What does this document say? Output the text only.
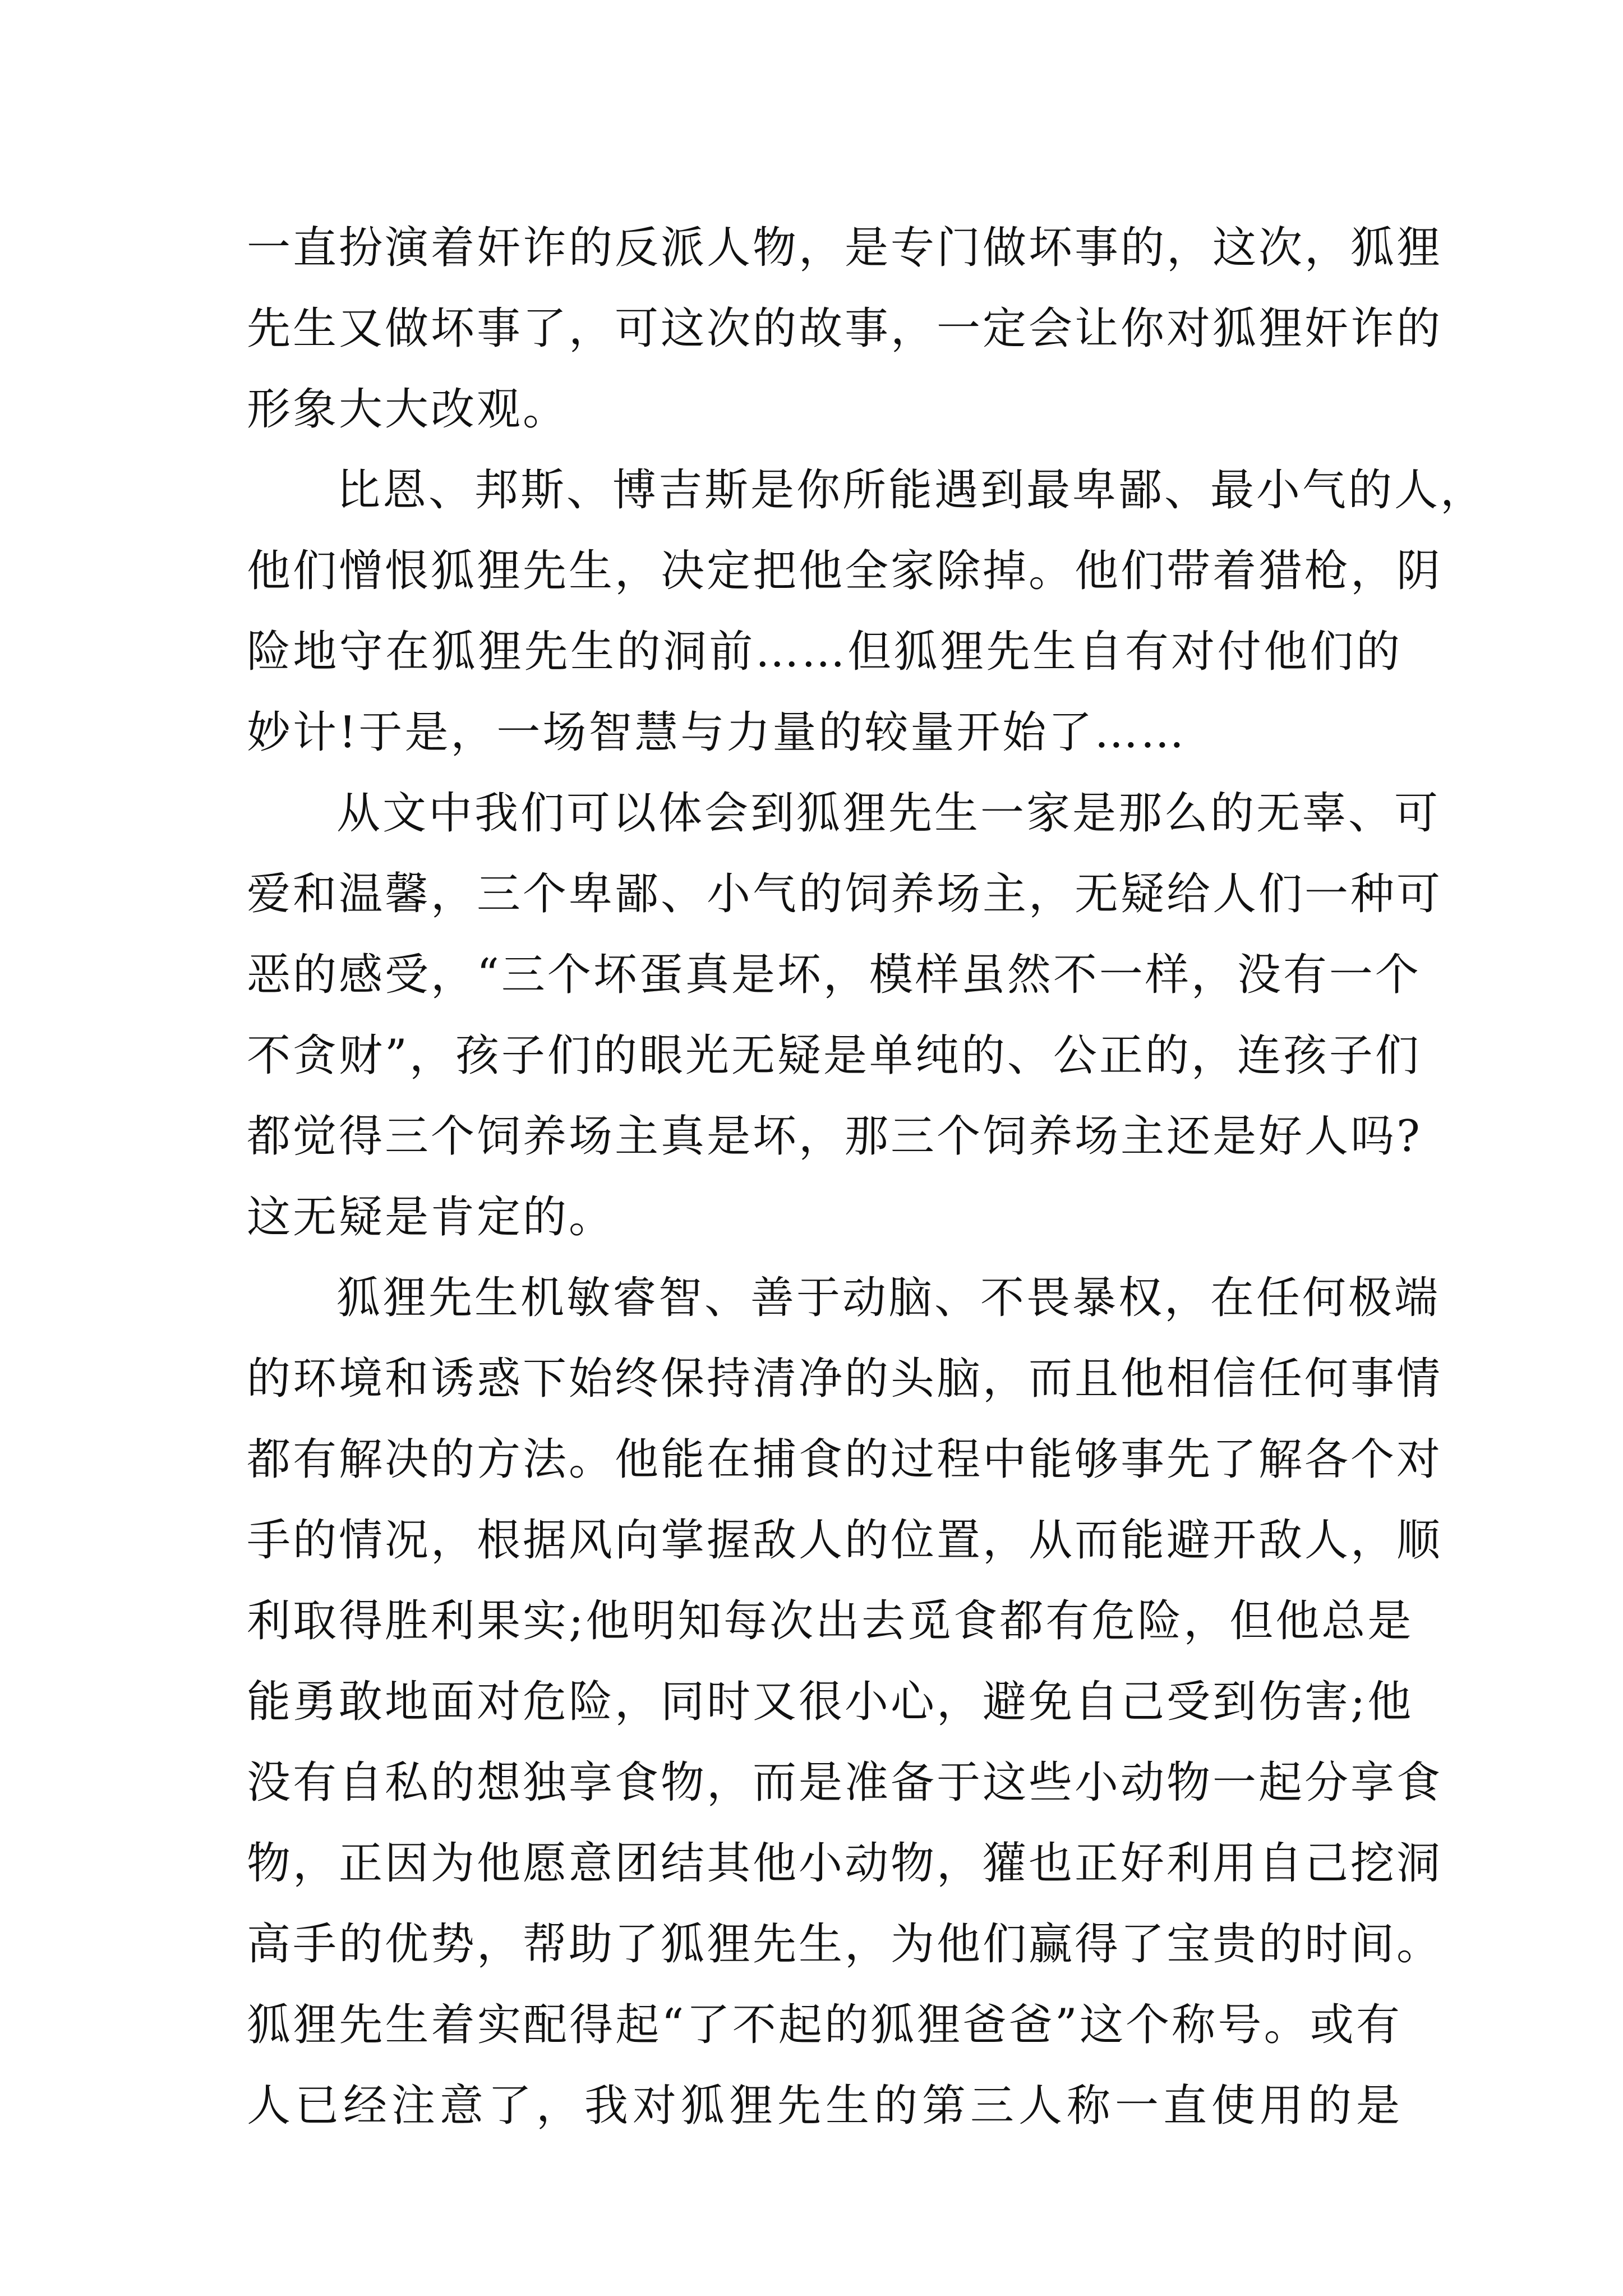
一直扮演着奸诈的反派人物，是专门做坏事的，这次，狐狸
先生又做坏事了，可这次的故事，一定会让你对狐狸奸诈的
形象大大改观。
比恩、邦斯、博吉斯是你所能遇到最卑鄙、最小气的人，
他们憎恨狐狸先生，决定把他全家除掉。他们带着猎枪，阴
险地守在狐狸先生的洞前……但狐狸先生自有对付他们的
妙计!于是，一场智慧与力量的较量开始了……
从文中我们可以体会到狐狸先生一家是那么的无辜、可
爱和温馨，三个卑鄙、小气的饲养场主，无疑给人们一种可
恶的感受，“三个坏蛋真是坏，模样虽然不一样，没有一个
不贪财”，孩子们的眼光无疑是单纯的、公正的，连孩子们
都觉得三个饲养场主真是坏，那三个饲养场主还是好人吗?
这无疑是肯定的。
狐狸先生机敏睿智、善于动脑、不畏暴权，在任何极端
的环境和诱惑下始终保持清净的头脑，而且他相信任何事情
都有解决的方法。他能在捕食的过程中能够事先了解各个对
手的情况，根据风向掌握敌人的位置，从而能避开敌人，顺
利取得胜利果实;他明知每次出去觅食都有危险，但他总是
能勇敢地面对危险，同时又很小心，避免自己受到伤害;他
没有自私的想独享食物，而是准备于这些小动物一起分享食
物，正因为他愿意团结其他小动物，獾也正好利用自己挖洞
高手的优势，帮助了狐狸先生，为他们赢得了宝贵的时间。
狐狸先生着实配得起“了不起的狐狸爸爸”这个称号。或有
人已经注意了，我对狐狸先生的第三人称一直使用的是
